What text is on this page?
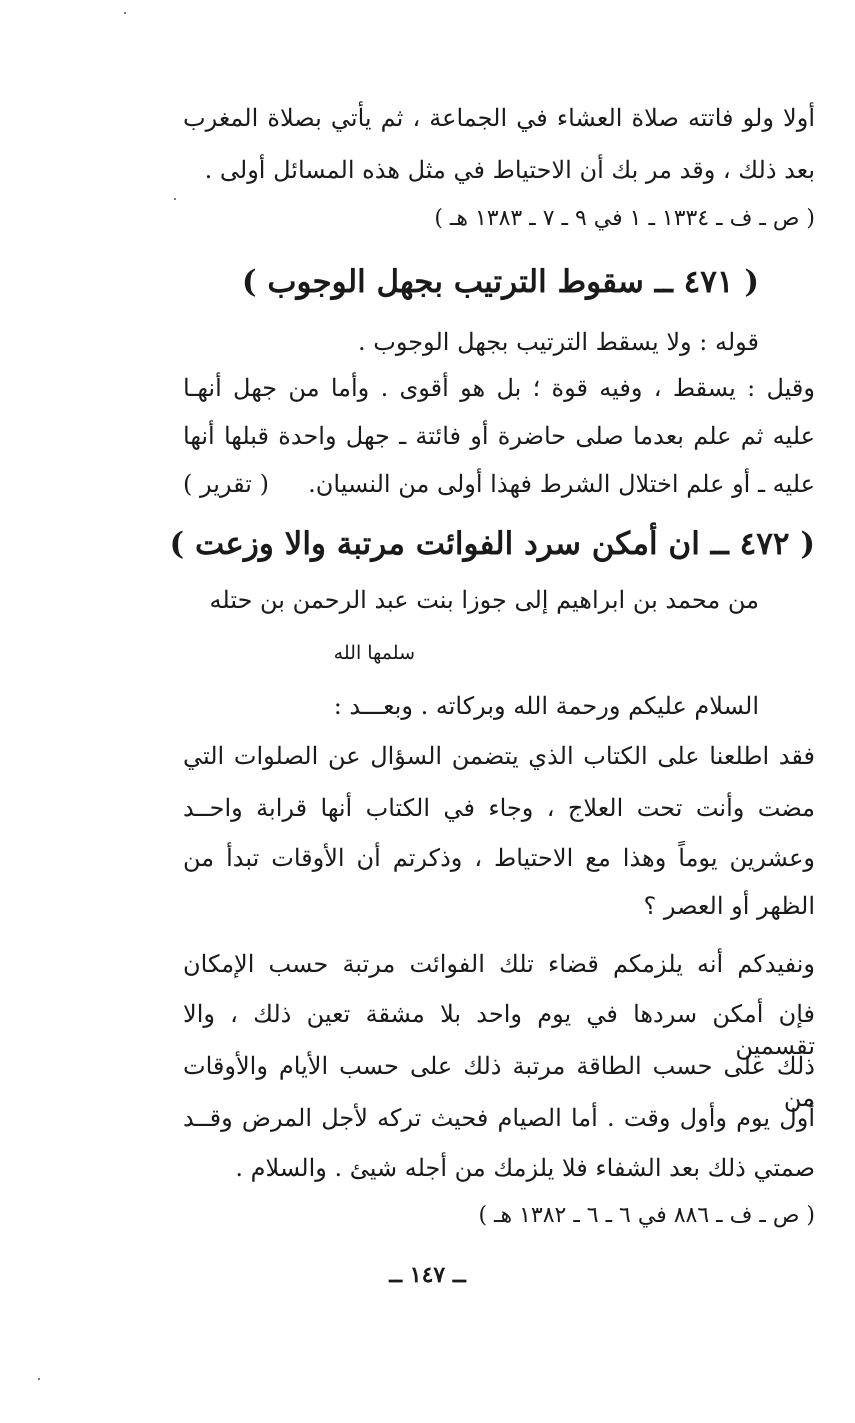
أولا ولو فاتته صلاة العشاء في الجماعة ، ثم يأتي بصلاة المغرب
بعد ذلك ، وقد مر بك أن الاحتياط في مثل هذه المسائل أولى .
( ص ـ ف ـ ١٣٣٤ ـ ١ في ٩ ـ ٧ ـ ١٣٨٣ هـ )
( ٤٧١ ــ سقوط الترتيب بجهل الوجوب )
قوله : ولا يسقط الترتيب بجهل الوجوب .
وقيل : يسقط ، وفيه قوة ؛ بل هو أقوى . وأما من جهل أنهـا
عليه ثم علم بعدما صلى حاضرة أو فائتة ـ جهل واحدة قبلها أنها
عليه ـ أو علم اختلال الشرط فهذا أولى من النسيان.
( تقرير )
( ٤٧٢ ــ ان أمكن سرد الفوائت مرتبة والا وزعت )
من محمد بن ابراهيم إلى جوزا بنت عبد الرحمن بن حتله
سلمها الله
السلام عليكم ورحمة الله وبركاته . وبعـــد :
فقد اطلعنا على الكتاب الذي يتضمن السؤال عن الصلوات التي
مضت وأنت تحت العلاج ، وجاء في الكتاب أنها قرابة واحــد
وعشرين يوماً وهذا مع الاحتياط ، وذكرتم أن الأوقات تبدأ من
الظهر أو العصر ؟
ونفيدكم أنه يلزمكم قضاء تلك الفوائت مرتبة حسب الإمكان
فإن أمكن سردها في يوم واحد بلا مشقة تعين ذلك ، والا تقسمين
ذلك على حسب الطاقة مرتبة ذلك على حسب الأيام والأوقات من
أول يوم وأول وقت . أما الصيام فحيث تركه لأجل المرض وقــد
صمتي ذلك بعد الشفاء فلا يلزمك من أجله شيئ . والسلام .
( ص ـ ف ـ ٨٨٦ في ٦ ـ ٦ ـ ١٣٨٢ هـ )
ــ ١٤٧ ــ
